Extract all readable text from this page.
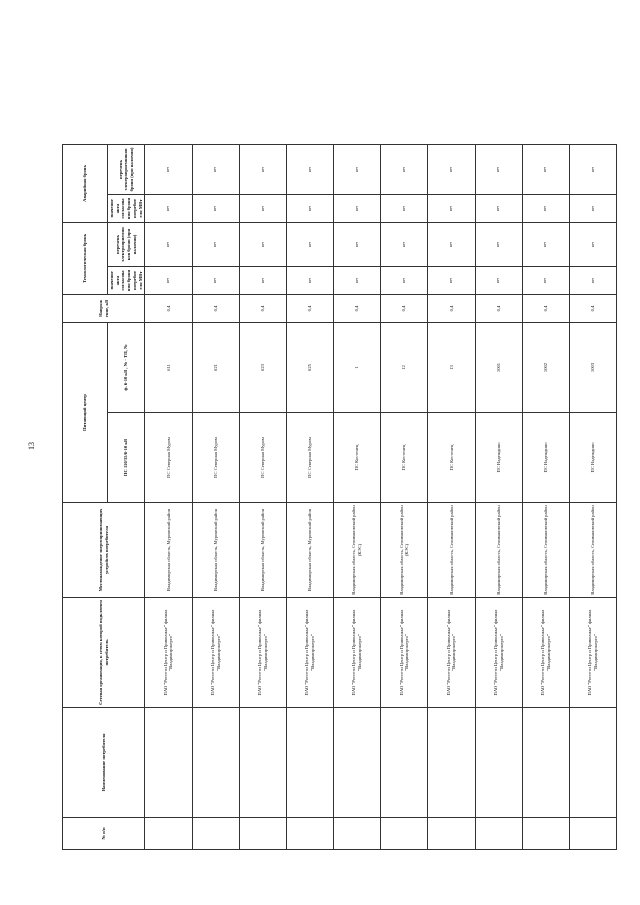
13
№ п/п	Наименование потребителя	Сетевая организация, к сетям которой подключен потребитель	Местонахождение энергопринимающих устройств потребителя	Питающий центр		Напряж ение, кВ	Технологическая бронь		Аварийная бронь	
				ПС 110/35/6-10 кВ	ф. 6-10 кВ , № - ТП, №		значение акта согласова ния брони потребит еля МВт	перечень электроприемни ков брони (при наличии)	значение акта согласова ния брони потребит еля МВт	перечень электроприемников брони (при наличии)
		ПАО "Россети Центр и Приволжье" филиал "Владимирэнерго"	Владимирская область, Муромский район	ПС Северная Муром	611	0,4	нет	нет	нет	нет
		ПАО "Россети Центр и Приволжье" филиал "Владимирэнерго"	Владимирская область, Муромский район	ПС Северная Муром	621	0,4	нет	нет	нет	нет
		ПАО "Россети Центр и Приволжье" филиал "Владимирэнерго"	Владимирская область, Муромский район	ПС Северная Муром	623	0,4	нет	нет	нет	нет
		ПАО "Россети Центр и Приволжье" филиал "Владимирэнерго"	Владимирская область, Муромский район	ПС Северная Муром	625	0,4	нет	нет	нет	нет
		ПАО "Россети Центр и Приволжье" филиал "Владимирэнерго"	Владимирская область, Селивановский район (КЭС)	ПС Костенец	1	0,4	нет	нет	нет	нет
		ПАО "Россети Центр и Приволжье" филиал "Владимирэнерго"	Владимирская область, Селивановский район (КЭС)	ПС Костенец	12	0,4	нет	нет	нет	нет
		ПАО "Россети Центр и Приволжье" филиал "Владимирэнерго"	Владимирская область, Селивановский район	ПС Костенец	13	0,4	нет	нет	нет	нет
		ПАО "Россети Центр и Приволжье" филиал "Владимирэнерго"	Владимирская область, Селивановский район	ПС Надеждино	1001	0,4	нет	нет	нет	нет
		ПАО "Россети Центр и Приволжье" филиал "Владимирэнерго"	Владимирская область, Селивановский район	ПС Надеждино	1002	0,4	нет	нет	нет	нет
		ПАО "Россети Центр и Приволжье" филиал "Владимирэнерго"	Владимирская область, Селивановский район	ПС Надеждино	1003	0,4	нет	нет	нет	нет
